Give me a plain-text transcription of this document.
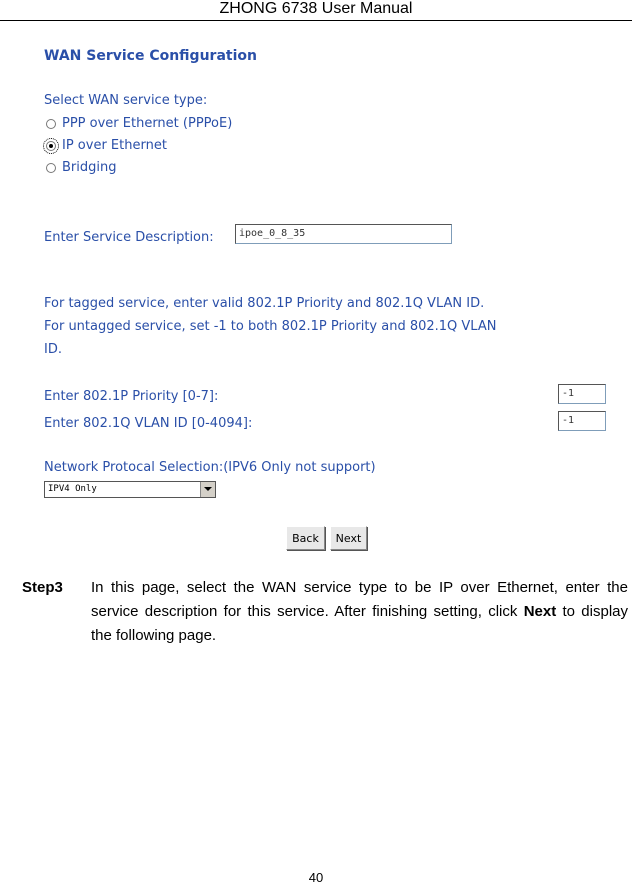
ZHONG 6738 User Manual
WAN Service Configuration
Select WAN service type:
PPP over Ethernet (PPPoE)
IP over Ethernet
Bridging
Enter Service Description:	ipoe_0_8_35
For tagged service, enter valid 802.1P Priority and 802.1Q VLAN ID.
For untagged service, set -1 to both 802.1P Priority and 802.1Q VLAN
ID.
Enter 802.1P Priority [0-7]:	-1
Enter 802.1Q VLAN ID [0-4094]:	-1
Network Protocal Selection:(IPV6 Only not support)
IPV4 Only
Back	Next
Step3 In this page, select the WAN service type to be IP over Ethernet, enter the service description for this service. After finishing setting, click Next to display the following page.
40
